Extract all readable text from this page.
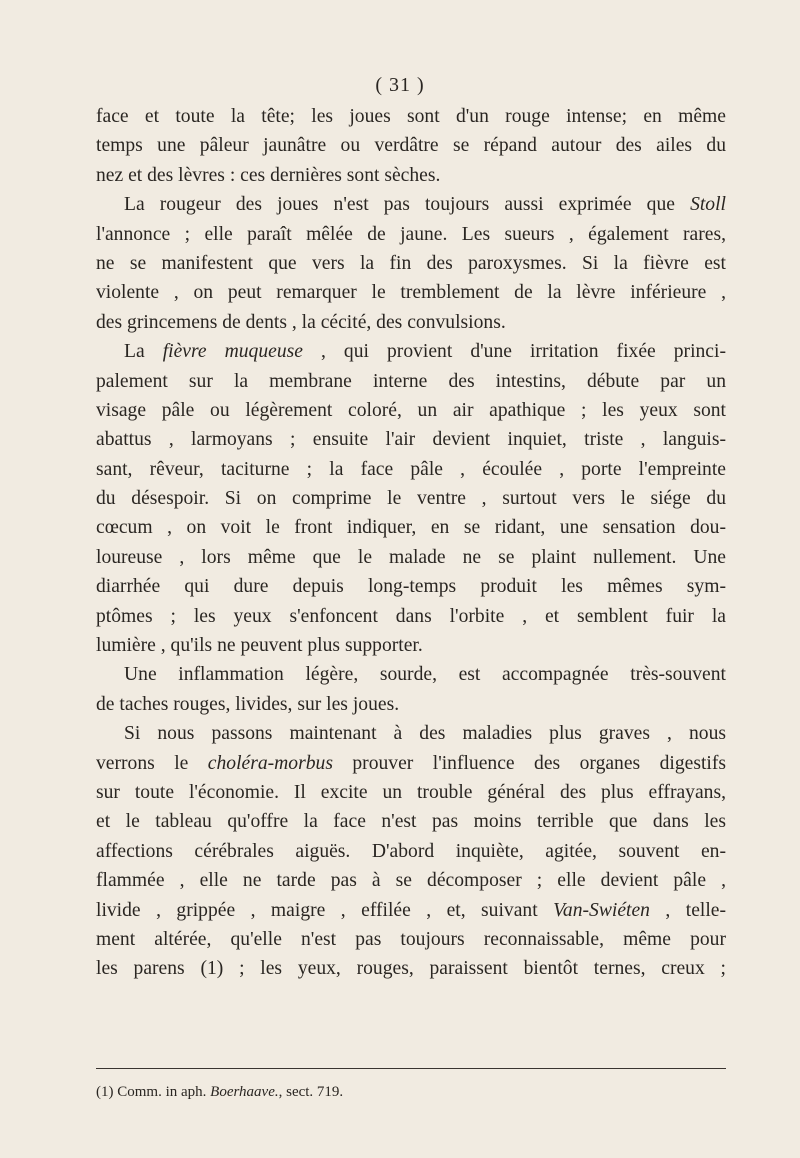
( 31 )
face et toute la tête; les joues sont d'un rouge intense; en même
temps une pâleur jaunâtre ou verdâtre se répand autour des ailes du
nez et des lèvres : ces dernières sont sèches.
La rougeur des joues n'est pas toujours aussi exprimée que Stoll
l'annonce ; elle paraît mêlée de jaune. Les sueurs , également rares,
ne se manifestent que vers la fin des paroxysmes. Si la fièvre est
violente , on peut remarquer le tremblement de la lèvre inférieure ,
des grincemens de dents , la cécité, des convulsions.
La fièvre muqueuse , qui provient d'une irritation fixée princi-
palement sur la membrane interne des intestins, débute par un
visage pâle ou légèrement coloré, un air apathique ; les yeux sont
abattus , larmoyans ; ensuite l'air devient inquiet, triste , languis-
sant, rêveur, taciturne ; la face pâle , écoulée , porte l'empreinte
du désespoir. Si on comprime le ventre , surtout vers le siége du
cœcum , on voit le front indiquer, en se ridant, une sensation dou-
loureuse , lors même que le malade ne se plaint nullement. Une
diarrhée qui dure depuis long-temps produit les mêmes sym-
ptômes ; les yeux s'enfoncent dans l'orbite , et semblent fuir la
lumière , qu'ils ne peuvent plus supporter.
Une inflammation légère, sourde, est accompagnée très-souvent
de taches rouges, livides, sur les joues.
Si nous passons maintenant à des maladies plus graves , nous
verrons le choléra-morbus prouver l'influence des organes digestifs
sur toute l'économie. Il excite un trouble général des plus effrayans,
et le tableau qu'offre la face n'est pas moins terrible que dans les
affections cérébrales aiguës. D'abord inquiète, agitée, souvent en-
flammée , elle ne tarde pas à se décomposer ; elle devient pâle ,
livide , grippée , maigre , effilée , et, suivant Van-Swiéten , telle-
ment altérée, qu'elle n'est pas toujours reconnaissable, même pour
les parens (1) ; les yeux, rouges, paraissent bientôt ternes, creux ;
(1) Comm. in aph. Boerhaave., sect. 719.
